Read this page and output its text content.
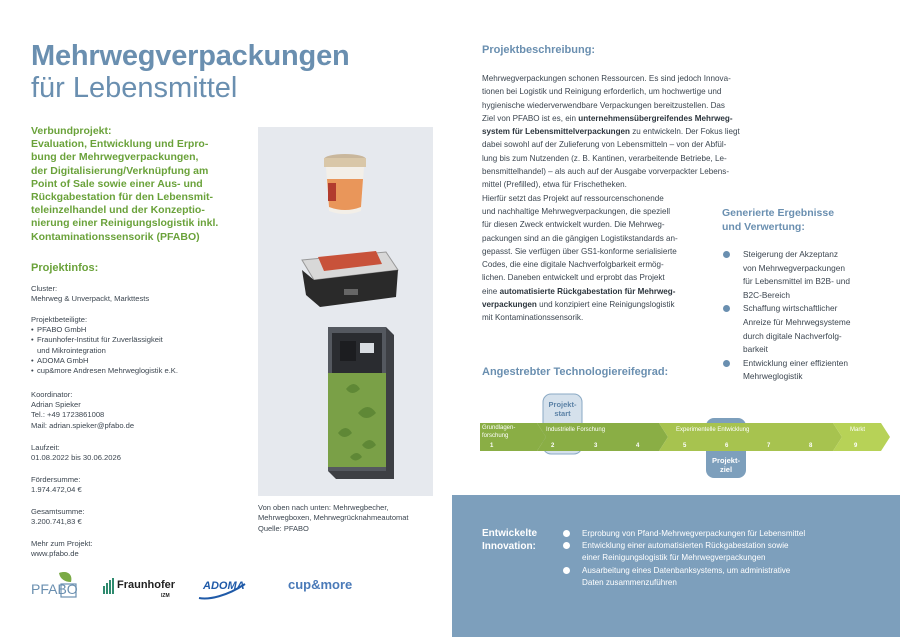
Mehrwegverpackungen
für Lebensmittel
Verbundprojekt:
Evaluation, Entwicklung und Erpro-
bung der Mehrwegverpackungen,
der Digitalisierung/Verknüpfung am
Point of Sale sowie einer Aus- und
Rückgabestation für den Lebensmit-
teleinzelhandel und der Konzeptio-
nierung einer Reinigungslogistik inkl.
Kontaminationssensorik (PFABO)
Projektinfos:
Cluster:
Mehrweg & Unverpackt, Markttests
Projektbeteiligte:
• PFABO GmbH
• Fraunhofer-Institut für Zuverlässigkeit
und Mikrointegration
• ADOMA GmbH
• cup&more Andresen Mehrweglogistik e.K.
Koordinator:
Adrian Spieker
Tel.: +49 1723861008
Mail: adrian.spieker@pfabo.de
Laufzeit:
01.08.2022 bis 30.06.2026
Fördersumme:
1.974.472,04 €
Gesamtsumme:
3.200.741,83 €
Mehr zum Projekt:
www.pfabo.de
PFABO	Fraunhofer
IZM
ADOMA	cup&more
Von oben nach unten: Mehrwegbecher,
Mehrwegboxen, Mehrwegrücknahmeautomat
Quelle: PFABO
Projektbeschreibung:
Mehrwegverpackungen schonen Ressourcen. Es sind jedoch Innova-
tionen bei Logistik und Reinigung erforderlich, um hochwertige und
hygienische wiederverwendbare Verpackungen bereitzustellen. Das
Ziel von PFABO ist es, ein unternehmensübergreifendes Mehrweg-
system für Lebensmittelverpackungen zu entwickeln. Der Fokus liegt
dabei sowohl auf der Zulieferung von Lebensmitteln – von der Abfül-
lung bis zum Nutzenden (z. B. Kantinen, verarbeitende Betriebe, Le-
bensmittelhandel) – als auch auf der Ausgabe vorverpackter Lebens-
mittel (Prefilled), etwa für Frischetheken.
Hierfür setzt das Projekt auf ressourcenschonende
und nachhaltige Mehrwegverpackungen, die speziell
für diesen Zweck entwickelt wurden. Die Mehrweg-
packungen sind an die gängigen Logistikstandards an-
gepasst. Sie verfügen über GS1-konforme serialisierte
Codes, die eine digitale Nachverfolgbarkeit ermög-
lichen. Daneben entwickelt und erprobt das Projekt
eine automatisierte Rückgabestation für Mehrweg-
verpackungen und konzipiert eine Reinigungslogistik
mit Kontaminationssensorik.
Generierte Ergebnisse
und Verwertung:
Steigerung der Akzeptanz
von Mehrwegverpackungen
für Lebensmittel im B2B- und
B2C-Bereich
Schaffung wirtschaftlicher
Anreize für Mehrwegsysteme
durch digitale Nachverfolg-
barkeit
Entwicklung einer effizienten
Mehrweglogistik
Angestrebter Technologiereifegrad:
Grundlagen-
forschung
Industrielle Forschung	Experimentelle Entwicklung	Markt
1	2	3	4	5	6	7	8	9
Projekt-
start
Projekt-
ziel
Entwickelte
Innovation:
Erprobung von Pfand-Mehrwegverpackungen für Lebensmittel
Entwicklung einer automatisierten Rückgabestation sowie
einer Reinigungslogistik für Mehrwegverpackungen
Ausarbeitung eines Datenbanksystems, um administrative
Daten zusammenzuführen
